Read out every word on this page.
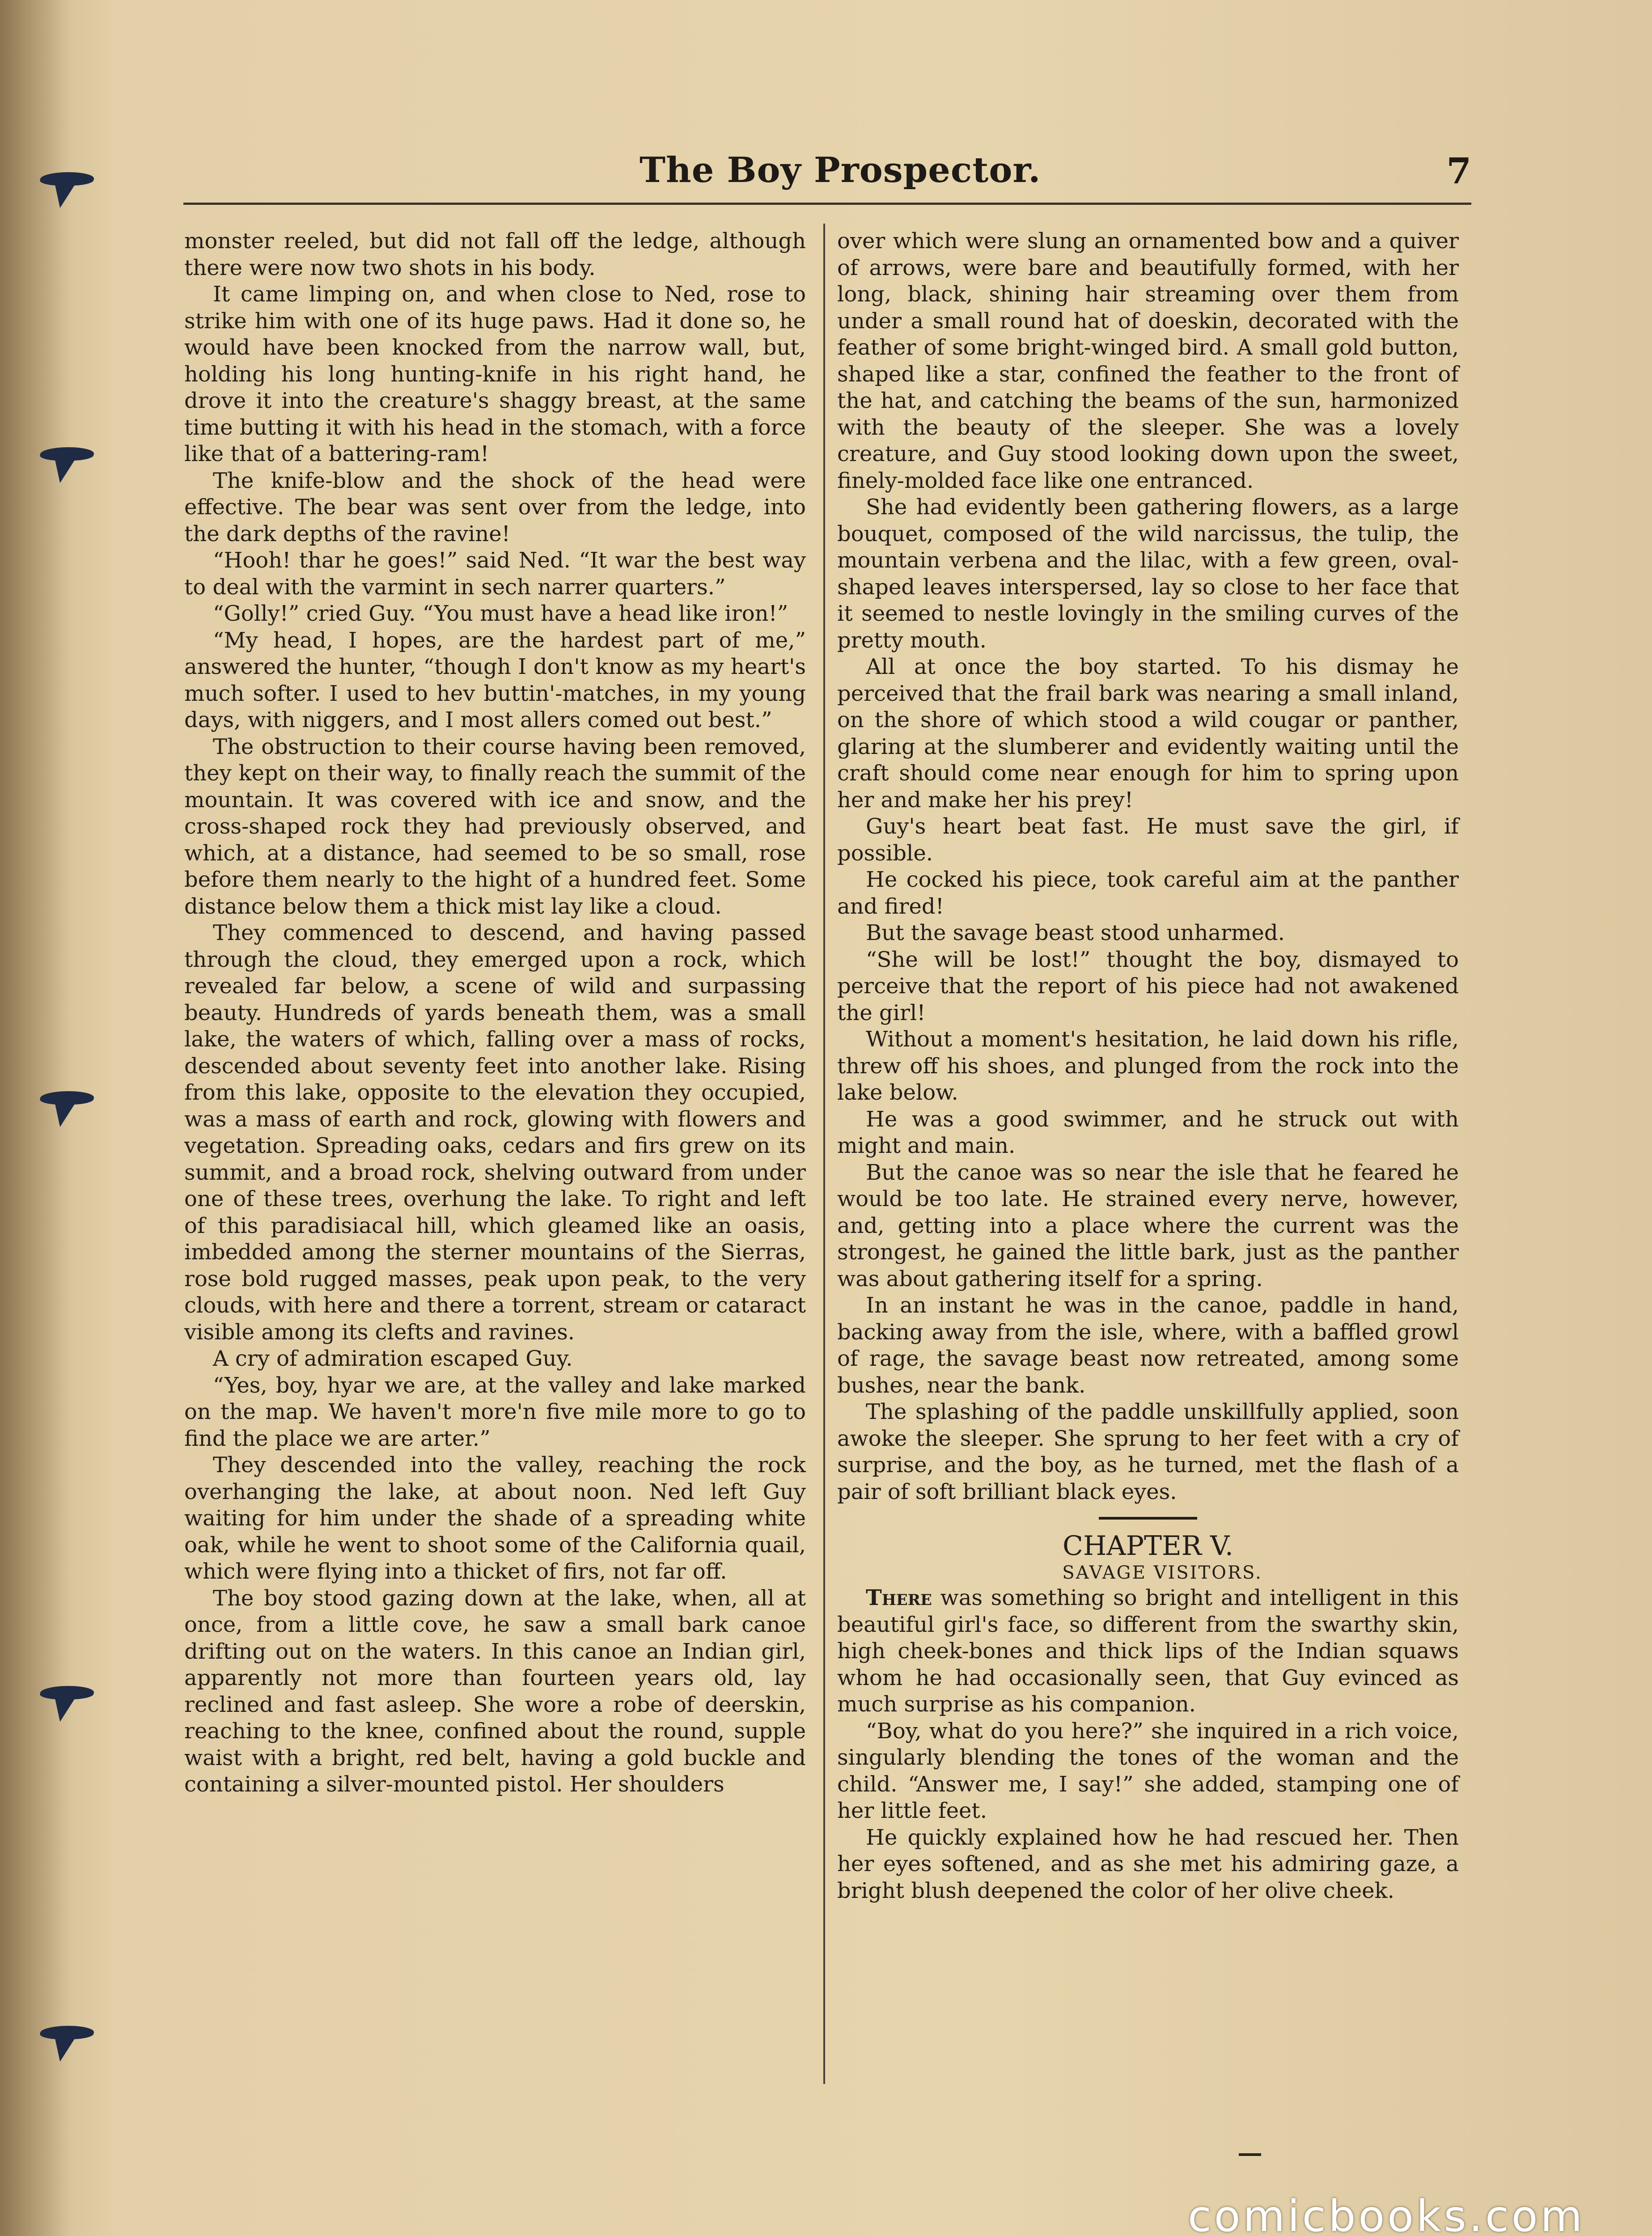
The Boy Prospector.	7

monster reeled, but did not fall off the ledge, although there were now two shots in his body.

It came limping on, and when close to Ned, rose to strike him with one of its huge paws. Had it done so, he would have been knocked from the narrow wall, but, holding his long hunting-knife in his right hand, he drove it into the creature's shaggy breast, at the same time butting it with his head in the stomach, with a force like that of a battering-ram!

The knife-blow and the shock of the head were effective. The bear was sent over from the ledge, into the dark depths of the ravine!

“Hooh! thar he goes!” said Ned. “It war the best way to deal with the varmint in sech narrer quarters.”

“Golly!” cried Guy. “You must have a head like iron!”

“My head, I hopes, are the hardest part of me,” answered the hunter, “though I don't know as my heart's much softer. I used to hev buttin'-matches, in my young days, with niggers, and I most allers comed out best.”

The obstruction to their course having been removed, they kept on their way, to finally reach the summit of the mountain. It was covered with ice and snow, and the cross-shaped rock they had previously observed, and which, at a distance, had seemed to be so small, rose before them nearly to the hight of a hundred feet. Some distance below them a thick mist lay like a cloud.

They commenced to descend, and having passed through the cloud, they emerged upon a rock, which revealed far below, a scene of wild and surpassing beauty. Hundreds of yards beneath them, was a small lake, the waters of which, falling over a mass of rocks, descended about seventy feet into another lake. Rising from this lake, opposite to the elevation they occupied, was a mass of earth and rock, glowing with flowers and vegetation. Spreading oaks, cedars and firs grew on its summit, and a broad rock, shelving outward from under one of these trees, overhung the lake. To right and left of this paradisiacal hill, which gleamed like an oasis, imbedded among the sterner mountains of the Sierras, rose bold rugged masses, peak upon peak, to the very clouds, with here and there a torrent, stream or cataract visible among its clefts and ravines.

A cry of admiration escaped Guy.

“Yes, boy, hyar we are, at the valley and lake marked on the map. We haven't more'n five mile more to go to find the place we are arter.”

They descended into the valley, reaching the rock overhanging the lake, at about noon. Ned left Guy waiting for him under the shade of a spreading white oak, while he went to shoot some of the California quail, which were flying into a thicket of firs, not far off.

The boy stood gazing down at the lake, when, all at once, from a little cove, he saw a small bark canoe drifting out on the waters. In this canoe an Indian girl, apparently not more than fourteen years old, lay reclined and fast asleep. She wore a robe of deerskin, reaching to the knee, confined about the round, supple waist with a bright, red belt, having a gold buckle and containing a silver-mounted pistol. Her shoulders

over which were slung an ornamented bow and a quiver of arrows, were bare and beautifully formed, with her long, black, shining hair streaming over them from under a small round hat of doeskin, decorated with the feather of some bright-winged bird. A small gold button, shaped like a star, confined the feather to the front of the hat, and catching the beams of the sun, harmonized with the beauty of the sleeper. She was a lovely creature, and Guy stood looking down upon the sweet, finely-molded face like one entranced.

She had evidently been gathering flowers, as a large bouquet, composed of the wild narcissus, the tulip, the mountain verbena and the lilac, with a few green, oval-shaped leaves interspersed, lay so close to her face that it seemed to nestle lovingly in the smiling curves of the pretty mouth.

All at once the boy started. To his dismay he perceived that the frail bark was nearing a small inland, on the shore of which stood a wild cougar or panther, glaring at the slumberer and evidently waiting until the craft should come near enough for him to spring upon her and make her his prey!

Guy's heart beat fast. He must save the girl, if possible.

He cocked his piece, took careful aim at the panther and fired!

But the savage beast stood unharmed.

“She will be lost!” thought the boy, dismayed to perceive that the report of his piece had not awakened the girl!

Without a moment's hesitation, he laid down his rifle, threw off his shoes, and plunged from the rock into the lake below.

He was a good swimmer, and he struck out with might and main.

But the canoe was so near the isle that he feared he would be too late. He strained every nerve, however, and, getting into a place where the current was the strongest, he gained the little bark, just as the panther was about gathering itself for a spring.

In an instant he was in the canoe, paddle in hand, backing away from the isle, where, with a baffled growl of rage, the savage beast now retreated, among some bushes, near the bank.

The splashing of the paddle unskillfully applied, soon awoke the sleeper. She sprung to her feet with a cry of surprise, and the boy, as he turned, met the flash of a pair of soft brilliant black eyes.

CHAPTER V.

SAVAGE VISITORS.

There was something so bright and intelligent in this beautiful girl's face, so different from the swarthy skin, high cheek-bones and thick lips of the Indian squaws whom he had occasionally seen, that Guy evinced as much surprise as his companion.

“Boy, what do you here?” she inquired in a rich voice, singularly blending the tones of the woman and the child. “Answer me, I say!” she added, stamping one of her little feet.

He quickly explained how he had rescued her. Then her eyes softened, and as she met his admiring gaze, a bright blush deepened the color of her olive cheek.

comicbooks.com
